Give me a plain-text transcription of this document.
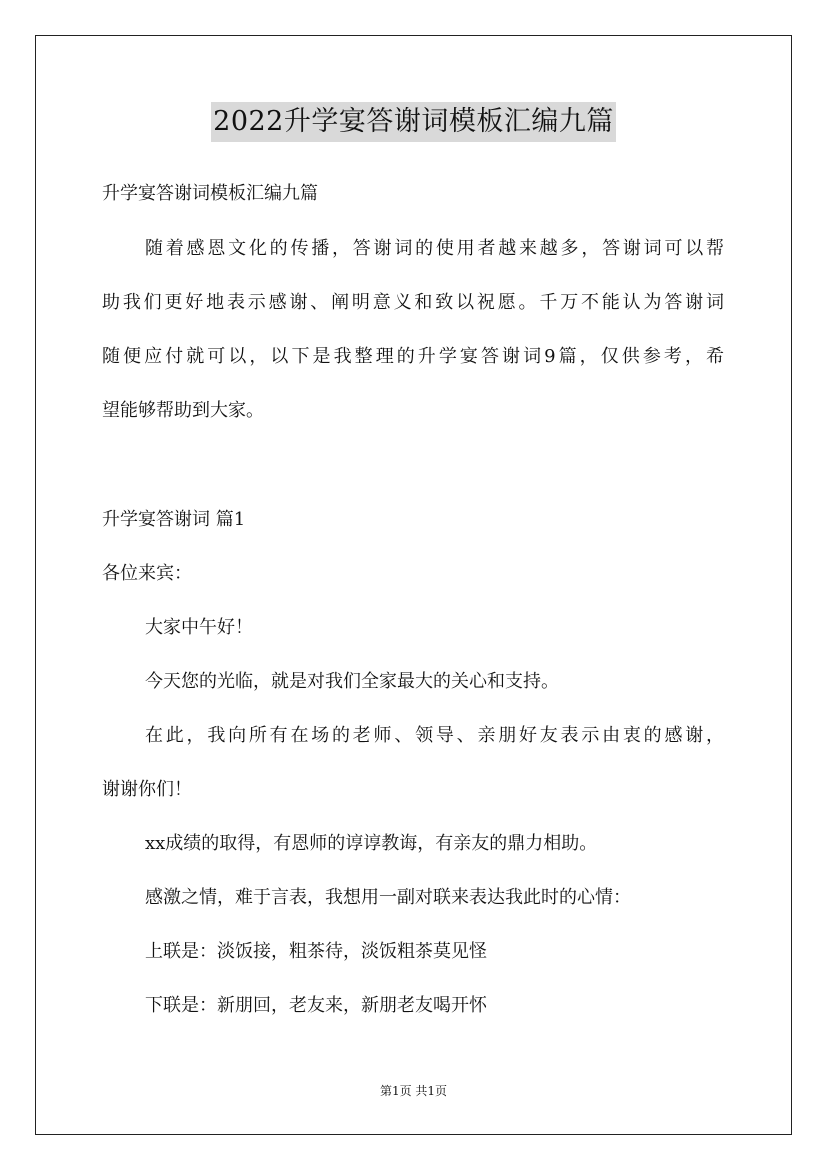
2022升学宴答谢词模板汇编九篇

升学宴答谢词模板汇编九篇

随着感恩文化的传播，答谢词的使用者越来越多，答谢词可以帮

助我们更好地表示感谢、阐明意义和致以祝愿。千万不能认为答谢词

随便应付就可以，以下是我整理的升学宴答谢词9篇，仅供参考，希

望能够帮助到大家。

升学宴答谢词 篇1

各位来宾：

大家中午好！

今天您的光临，就是对我们全家最大的关心和支持。

在此，我向所有在场的老师、领导、亲朋好友表示由衷的感谢，

谢谢你们！

xx成绩的取得，有恩师的谆谆教诲，有亲友的鼎力相助。

感激之情，难于言表，我想用一副对联来表达我此时的心情：

上联是：淡饭接，粗茶待，淡饭粗茶莫见怪

下联是：新朋回，老友来，新朋老友喝开怀

第1页 共1页
